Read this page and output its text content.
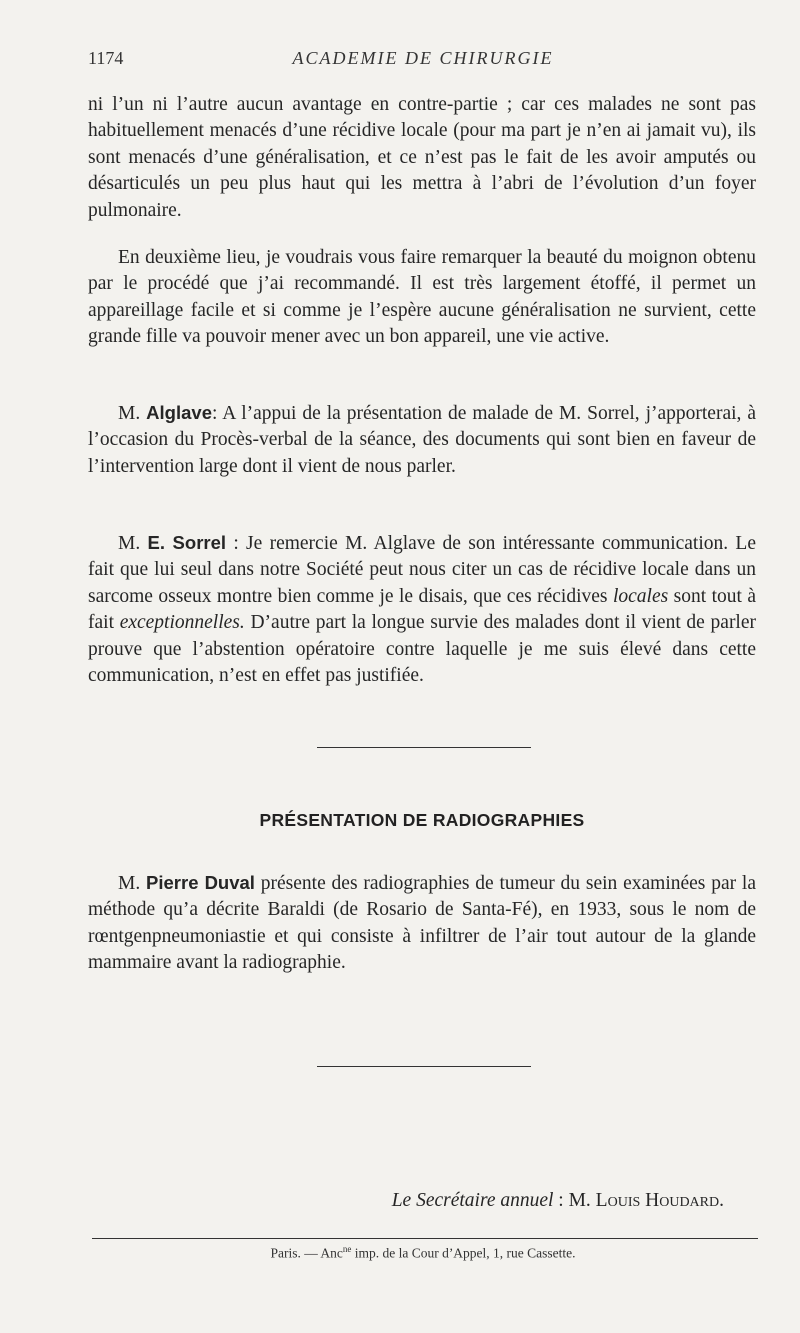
1174	ACADEMIE DE CHIRURGIE

ni l’un ni l’autre aucun avantage en contre-partie ; car ces malades ne sont pas habituellement menacés d’une récidive locale (pour ma part je n’en ai jamait vu), ils sont menacés d’une généralisation, et ce n’est pas le fait de les avoir amputés ou désarticulés un peu plus haut qui les mettra à l’abri de l’évolution d’un foyer pulmonaire.

En deuxième lieu, je voudrais vous faire remarquer la beauté du moignon obtenu par le procédé que j’ai recommandé. Il est très largement étoffé, il permet un appareillage facile et si comme je l’espère aucune généralisation ne survient, cette grande fille va pouvoir mener avec un bon appareil, une vie active.

M. Alglave: A l’appui de la présentation de malade de M. Sorrel, j’apporterai, à l’occasion du Procès-verbal de la séance, des documents qui sont bien en faveur de l’intervention large dont il vient de nous parler.

M. E. Sorrel : Je remercie M. Alglave de son intéressante communication. Le fait que lui seul dans notre Société peut nous citer un cas de récidive locale dans un sarcome osseux montre bien comme je le disais, que ces récidives locales sont tout à fait exceptionnelles. D’autre part la longue survie des malades dont il vient de parler prouve que l’abstention opératoire contre laquelle je me suis élevé dans cette communication, n’est en effet pas justifiée.

PRÉSENTATION DE RADIOGRAPHIES

M. Pierre Duval présente des radiographies de tumeur du sein examinées par la méthode qu’a décrite Baraldi (de Rosario de Santa-Fé), en 1933, sous le nom de rœntgenpneumoniastie et qui consiste à infiltrer de l’air tout autour de la glande mammaire avant la radiographie.

Le Secrétaire annuel : M. Louis Houdard.
Paris. — Anc$^{ne}$ imp. de la Cour d’Appel, 1, rue Cassette.
